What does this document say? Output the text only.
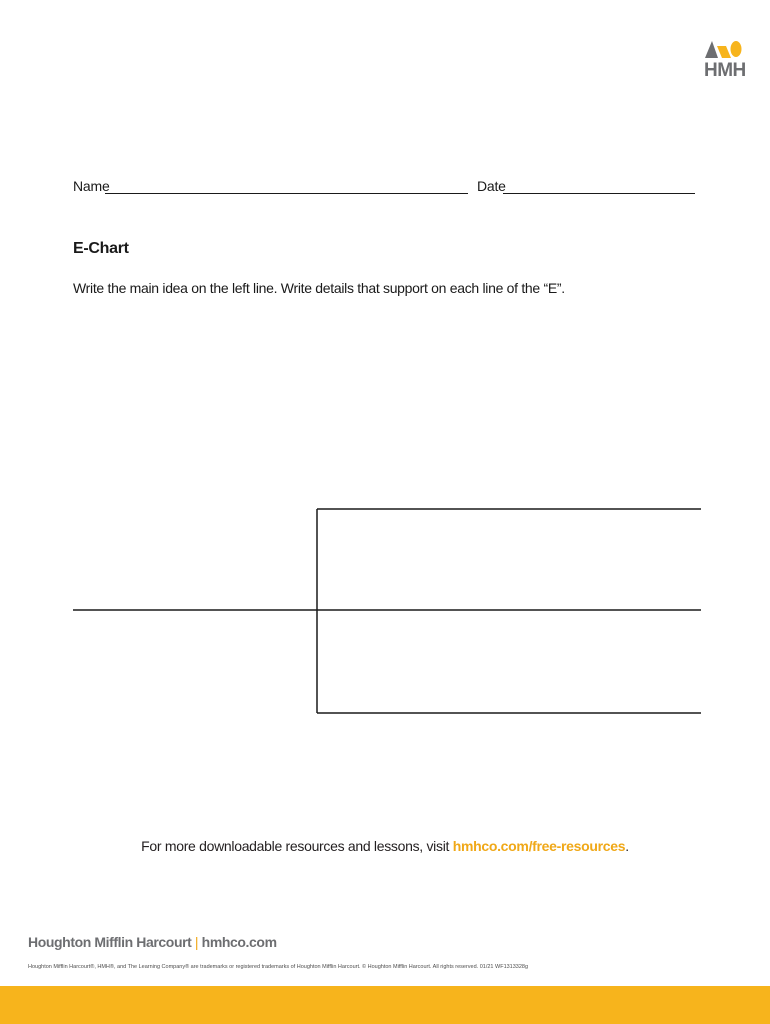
HMH
Name	Date
E-Chart

Write the main idea on the left line. Write details that support on each line of the “E”.

For more downloadable resources and lessons, visit hmhco.com/free-resources.
Houghton Mifflin Harcourt | hmhco.com
Houghton Mifflin Harcourt®, HMH®, and The Learning Company® are trademarks or registered trademarks of Houghton Mifflin Harcourt. © Houghton Mifflin Harcourt. All rights reserved. 01/21 WF1313328g
